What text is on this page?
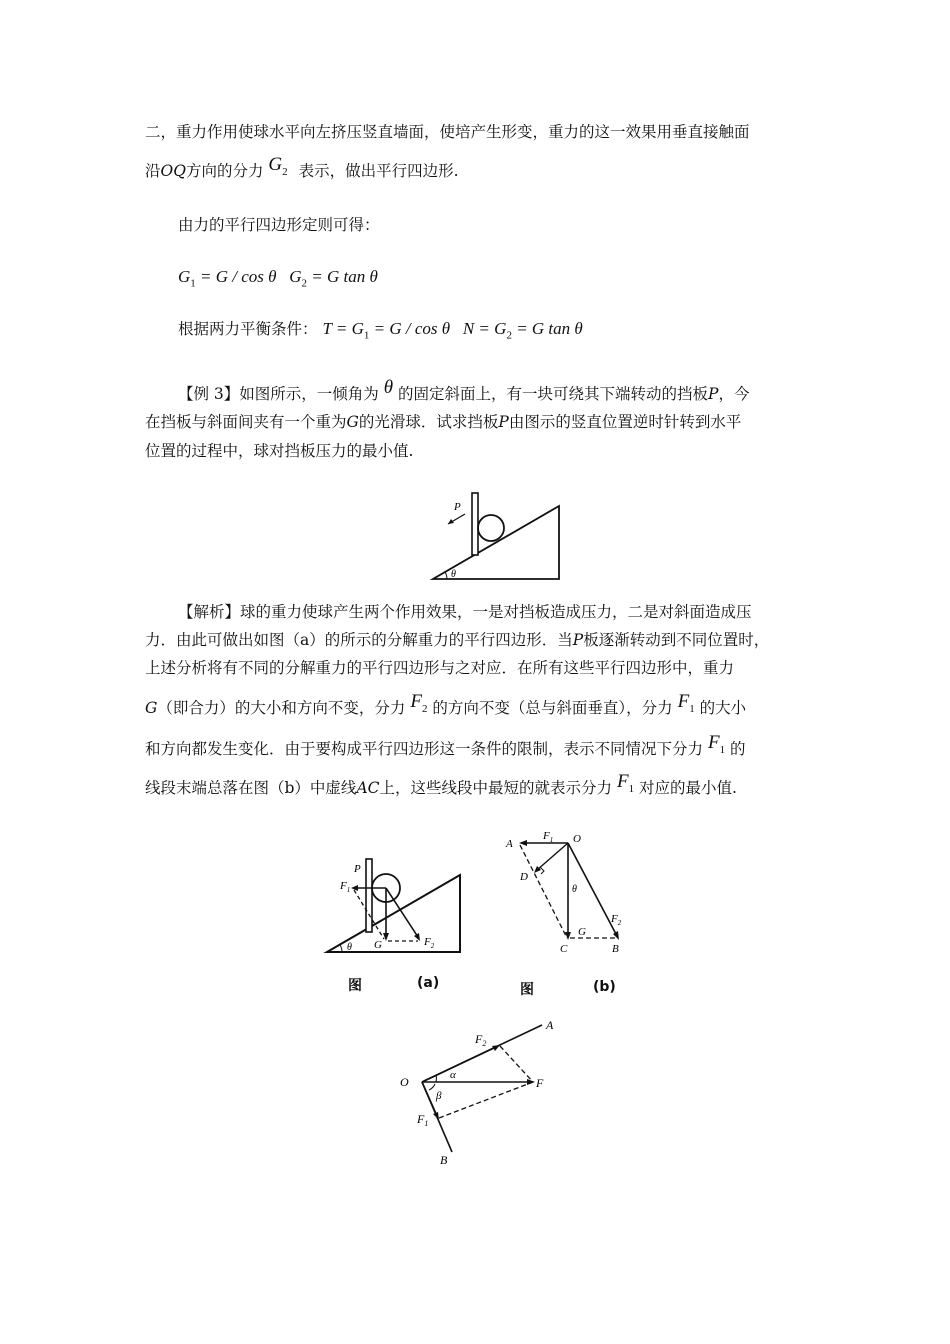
二，重力作用使球水平向左挤压竖直墙面，使培产生形变，重力的这一效果用垂直接触面
沿OQ方向的分力 $G_2$ 表示，做出平行四边形.
由力的平行四边形定则可得：
$G_1 = G / \cos \theta$ $G_2 = G$ tan θ
根据两力平衡条件： $T = G_1 = G / \cos \theta$ $N = G_2 = G$ tan θ
【例 3】如图所示，一倾角为 θ 的固定斜面上，有一块可绕其下端转动的挡板P，今
在挡板与斜面间夹有一个重为G的光滑球．试求挡板P由图示的竖直位置逆时针转到水平
位置的过程中，球对挡板压力的最小值.
P
θ
【解析】球的重力使球产生两个作用效果，一是对挡板造成压力，二是对斜面造成压
力．由此可做出如图（a）的所示的分解重力的平行四边形．当P板逐渐转动到不同位置时，
上述分析将有不同的分解重力的平行四边形与之对应．在所有这些平行四边形中，重力
G（即合力）的大小和方向不变，分力 $F_2$ 的方向不变（总与斜面垂直），分力 $F_1$ 的大小
和方向都发生变化．由于要构成平行四边形这一条件的限制，表示不同情况下分力 $F_1$ 的
线段末端总落在图（b）中虚线AC上，这些线段中最短的就表示分力 $F_1$ 对应的最小值.
P
$F_1$
G	$F_2$
θ
图	(a)
A
$F_1$ O
D
θ
$F_2$
C
G
B
图	(b)
A
$F_2$
O	α
β
F
$F_1$
B
